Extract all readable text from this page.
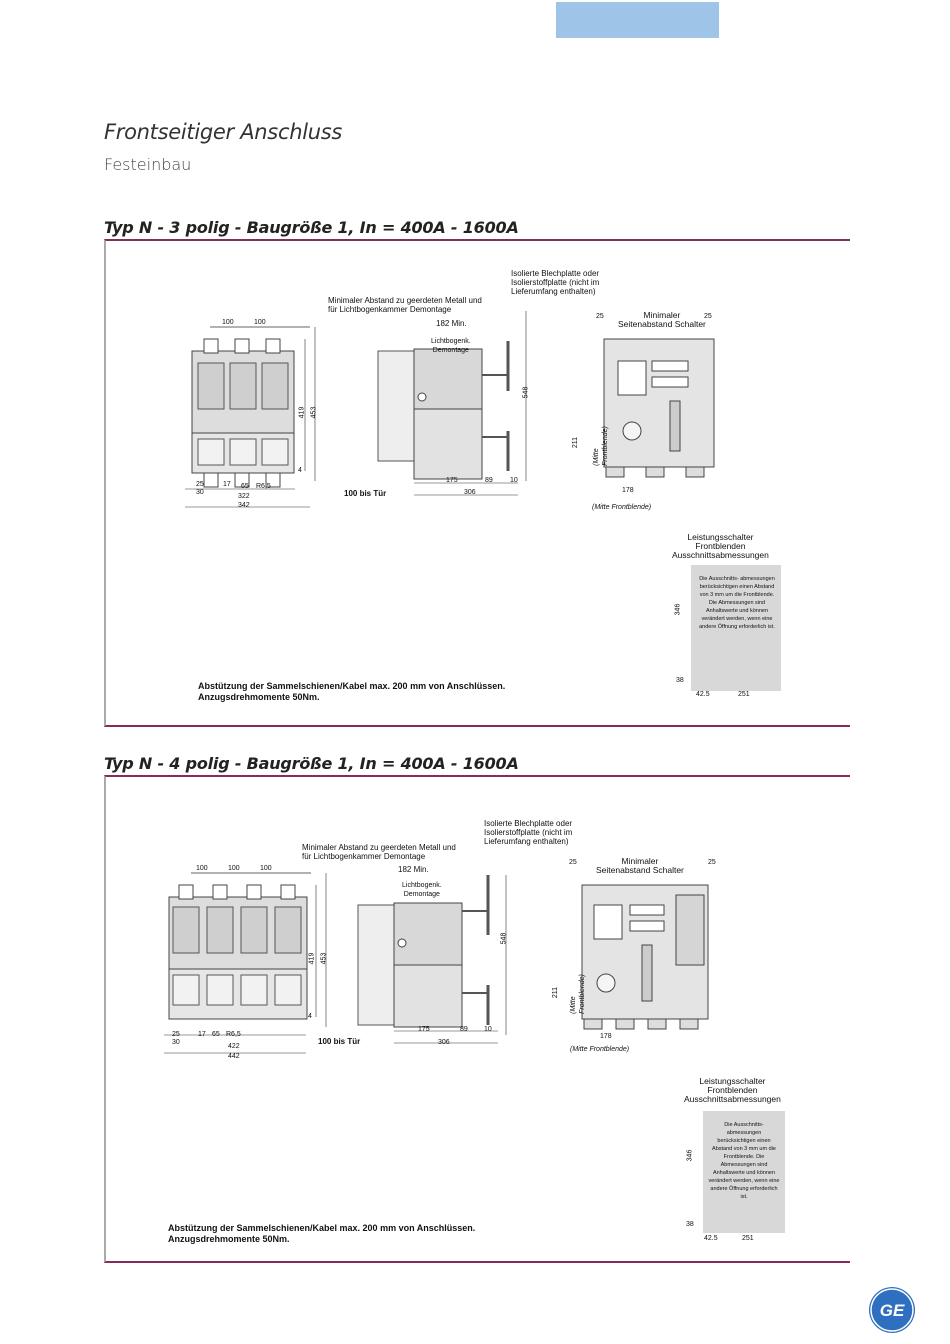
Frontseitiger Anschluss
Festeinbau
Typ N - 3 polig - Baugröße 1, In = 400A - 1600A
100	100
419 453
4
25
30
17 65 R6,5
322
342
Isolierte Blechplatte oder
Isolierstoffplatte (nicht im
Lieferumfang enthalten)
Minimaler Abstand zu geerdeten Metall und
für Lichtbogenkammer Demontage
182 Min.
Lichtbogenk.
Demontage
548
175	89 10
306
100 bis Tür
25	25
Minimaler
Seitenabstand Schalter
211
(Mitte
Frontblende)
178
(Mitte Frontblende)
Leistungsschalter
Frontblenden
Ausschnittsabmessungen
Die Ausschnitts- abmessungen berücksichtigen einen Abstand von 3 mm um die Frontblende. Die Abmessungen sind Anhaltswerte und können verändert werden, wenn eine andere Öffnung erforderlich ist.
346
38
42.5	251
Abstützung der Sammelschienen/Kabel max. 200 mm von Anschlüssen.
Anzugsdrehmomente 50Nm.
Typ N - 4 polig - Baugröße 1, In = 400A - 1600A
100	100	100
419 453
4
25
30
17 65 R6,5
422
442
Isolierte Blechplatte oder
Isolierstoffplatte (nicht im
Lieferumfang enthalten)
Minimaler Abstand zu geerdeten Metall und
für Lichtbogenkammer Demontage
182 Min.
Lichtbogenk.
Demontage
548
175	89 10
306
100 bis Tür
25	25
Minimaler
Seitenabstand Schalter
211
(Mitte
Frontblende)
178
(Mitte Frontblende)
Leistungsschalter
Frontblenden
Ausschnittsabmessungen
Die Ausschnitts- abmessungen berücksichtigen einen Abstand von 3 mm um die Frontblende. Die Abmessungen sind Anhaltswerte und können verändert werden, wenn eine andere Öffnung erforderlich ist.
346
38
42.5	251
Abstützung der Sammelschienen/Kabel max. 200 mm von Anschlüssen.
Anzugsdrehmomente 50Nm.
GE
